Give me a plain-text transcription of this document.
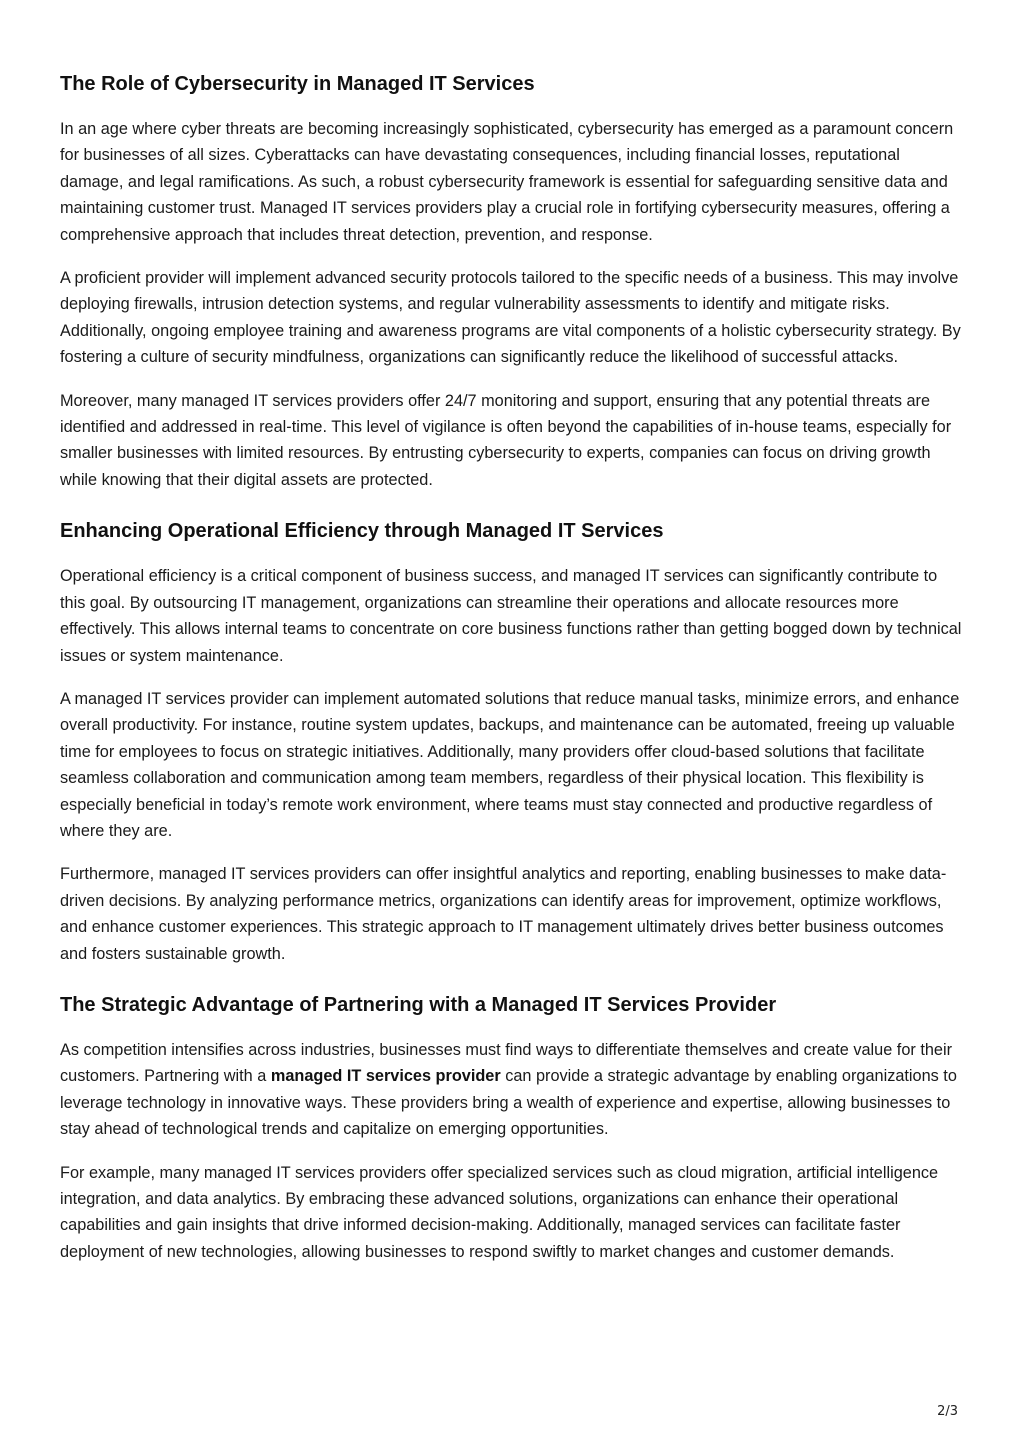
The Role of Cybersecurity in Managed IT Services

In an age where cyber threats are becoming increasingly sophisticated, cybersecurity has emerged as a paramount concern for businesses of all sizes. Cyberattacks can have devastating consequences, including financial losses, reputational damage, and legal ramifications. As such, a robust cybersecurity framework is essential for safeguarding sensitive data and maintaining customer trust. Managed IT services providers play a crucial role in fortifying cybersecurity measures, offering a comprehensive approach that includes threat detection, prevention, and response.

A proficient provider will implement advanced security protocols tailored to the specific needs of a business. This may involve deploying firewalls, intrusion detection systems, and regular vulnerability assessments to identify and mitigate risks. Additionally, ongoing employee training and awareness programs are vital components of a holistic cybersecurity strategy. By fostering a culture of security mindfulness, organizations can significantly reduce the likelihood of successful attacks.

Moreover, many managed IT services providers offer 24/7 monitoring and support, ensuring that any potential threats are identified and addressed in real-time. This level of vigilance is often beyond the capabilities of in-house teams, especially for smaller businesses with limited resources. By entrusting cybersecurity to experts, companies can focus on driving growth while knowing that their digital assets are protected.

Enhancing Operational Efficiency through Managed IT Services

Operational efficiency is a critical component of business success, and managed IT services can significantly contribute to this goal. By outsourcing IT management, organizations can streamline their operations and allocate resources more effectively. This allows internal teams to concentrate on core business functions rather than getting bogged down by technical issues or system maintenance.

A managed IT services provider can implement automated solutions that reduce manual tasks, minimize errors, and enhance overall productivity. For instance, routine system updates, backups, and maintenance can be automated, freeing up valuable time for employees to focus on strategic initiatives. Additionally, many providers offer cloud-based solutions that facilitate seamless collaboration and communication among team members, regardless of their physical location. This flexibility is especially beneficial in today’s remote work environment, where teams must stay connected and productive regardless of where they are.

Furthermore, managed IT services providers can offer insightful analytics and reporting, enabling businesses to make data-driven decisions. By analyzing performance metrics, organizations can identify areas for improvement, optimize workflows, and enhance customer experiences. This strategic approach to IT management ultimately drives better business outcomes and fosters sustainable growth.

The Strategic Advantage of Partnering with a Managed IT Services Provider

As competition intensifies across industries, businesses must find ways to differentiate themselves and create value for their customers. Partnering with a managed IT services provider can provide a strategic advantage by enabling organizations to leverage technology in innovative ways. These providers bring a wealth of experience and expertise, allowing businesses to stay ahead of technological trends and capitalize on emerging opportunities.

For example, many managed IT services providers offer specialized services such as cloud migration, artificial intelligence integration, and data analytics. By embracing these advanced solutions, organizations can enhance their operational capabilities and gain insights that drive informed decision-making. Additionally, managed services can facilitate faster deployment of new technologies, allowing businesses to respond swiftly to market changes and customer demands.

2/3
